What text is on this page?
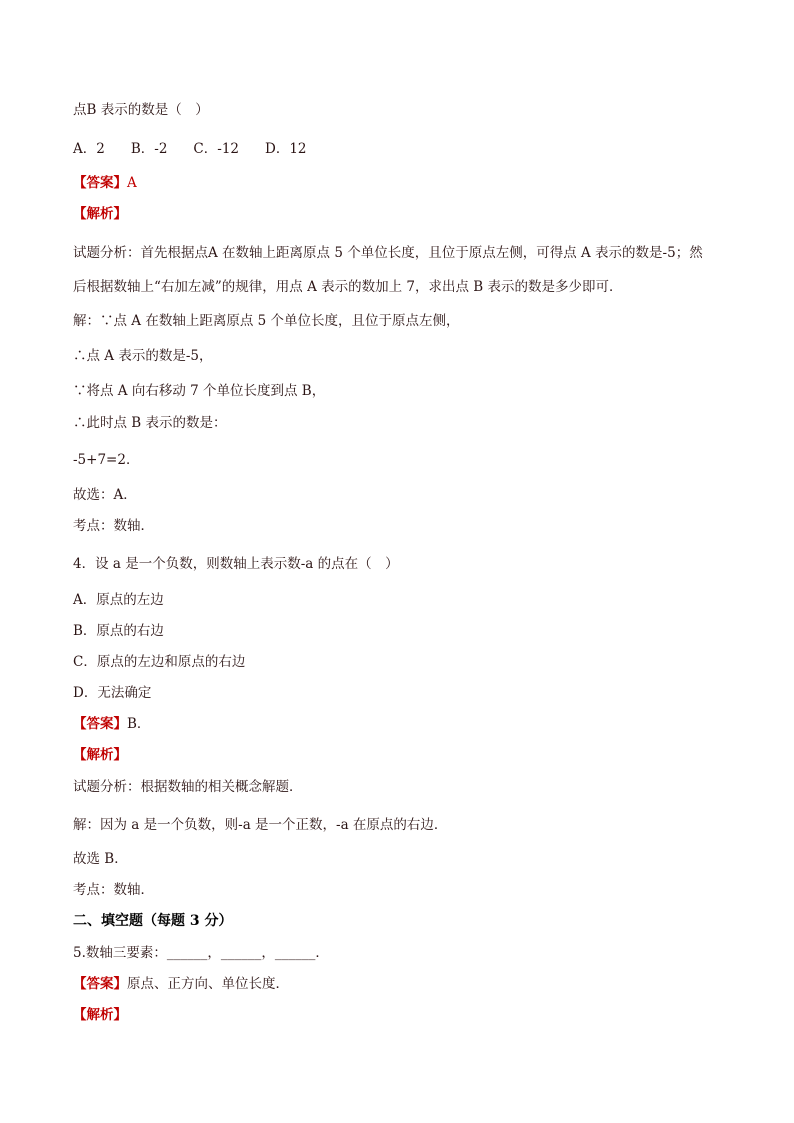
点B 表示的数是（　）
A．2 B．-2 C．-12 D．12
【答案】A
【解析】
试题分析：首先根据点A 在数轴上距离原点 5 个单位长度，且位于原点左侧，可得点 A 表示的数是-5；然
后根据数轴上“右加左减”的规律，用点 A 表示的数加上 7，求出点 B 表示的数是多少即可．
解：∵点 A 在数轴上距离原点 5 个单位长度，且位于原点左侧，
∴点 A 表示的数是-5，
∵将点 A 向右移动 7 个单位长度到点 B，
∴此时点 B 表示的数是：
-5+7=2．
故选：A．
考点：数轴．
4．设 a 是一个负数，则数轴上表示数-a 的点在（　）
A．原点的左边
B．原点的右边
C．原点的左边和原点的右边
D．无法确定
【答案】B．
【解析】
试题分析：根据数轴的相关概念解题．
解：因为 a 是一个负数，则-a 是一个正数，-a 在原点的右边．
故选 B．
考点：数轴．
二、填空题（每题 3 分）
5.数轴三要素：______，______，______．
【答案】原点、正方向、单位长度．
【解析】
